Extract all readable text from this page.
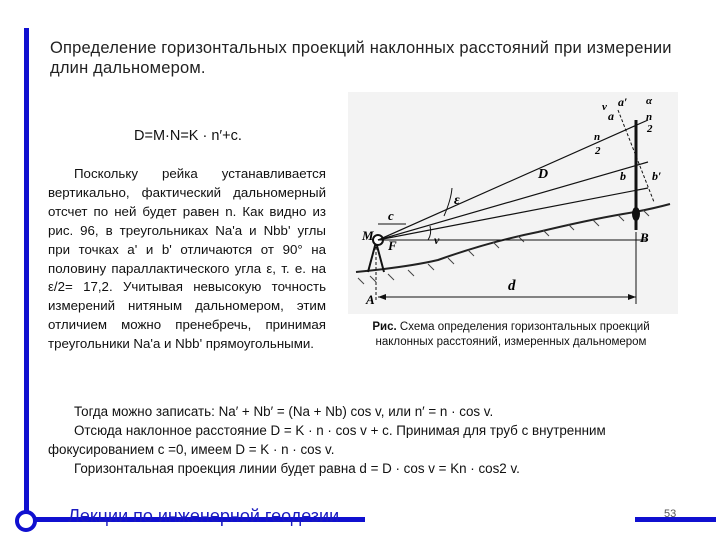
Определение горизонтальных проекций наклонных расстояний при измерении длин дальномером.
D=M·N=K · n′+c.

Поскольку рейка устанавливается вертикально, фактический дальномерный отсчет по ней будет равен n. Как видно из рис. 96, в треугольниках Na'a и Nbb' углы при точках а' и b' отличаются от 90° на половину параллактического угла ε, т. е. на ε/2= 17,2. Учитывая невысокую точность измерений нитяным дальномером, этим отличием можно пренебречь, принимая треугольники Na'a и Nbb' прямоугольными.

A
B
M
F
c
d
D
v
v
ε
a
b
a′
b′
α
n
2
n
2
Рис. Схема определения горизонтальных проекций наклонных расстояний, измеренных дальномером

Тогда можно записать: Na′ + Nb′ = (Na + Nb) cos v, или n′ = n · cos v.

Отсюда наклонное расстояние D = K · n · cos v + c. Принимая для труб с внутренним фокусированием с =0, имеем D = K · n · cos v.

Горизонтальная проекция линии будет равна d = D · cos v = Kn · cos2 v.

Лекции по инженерной геодезии	53
